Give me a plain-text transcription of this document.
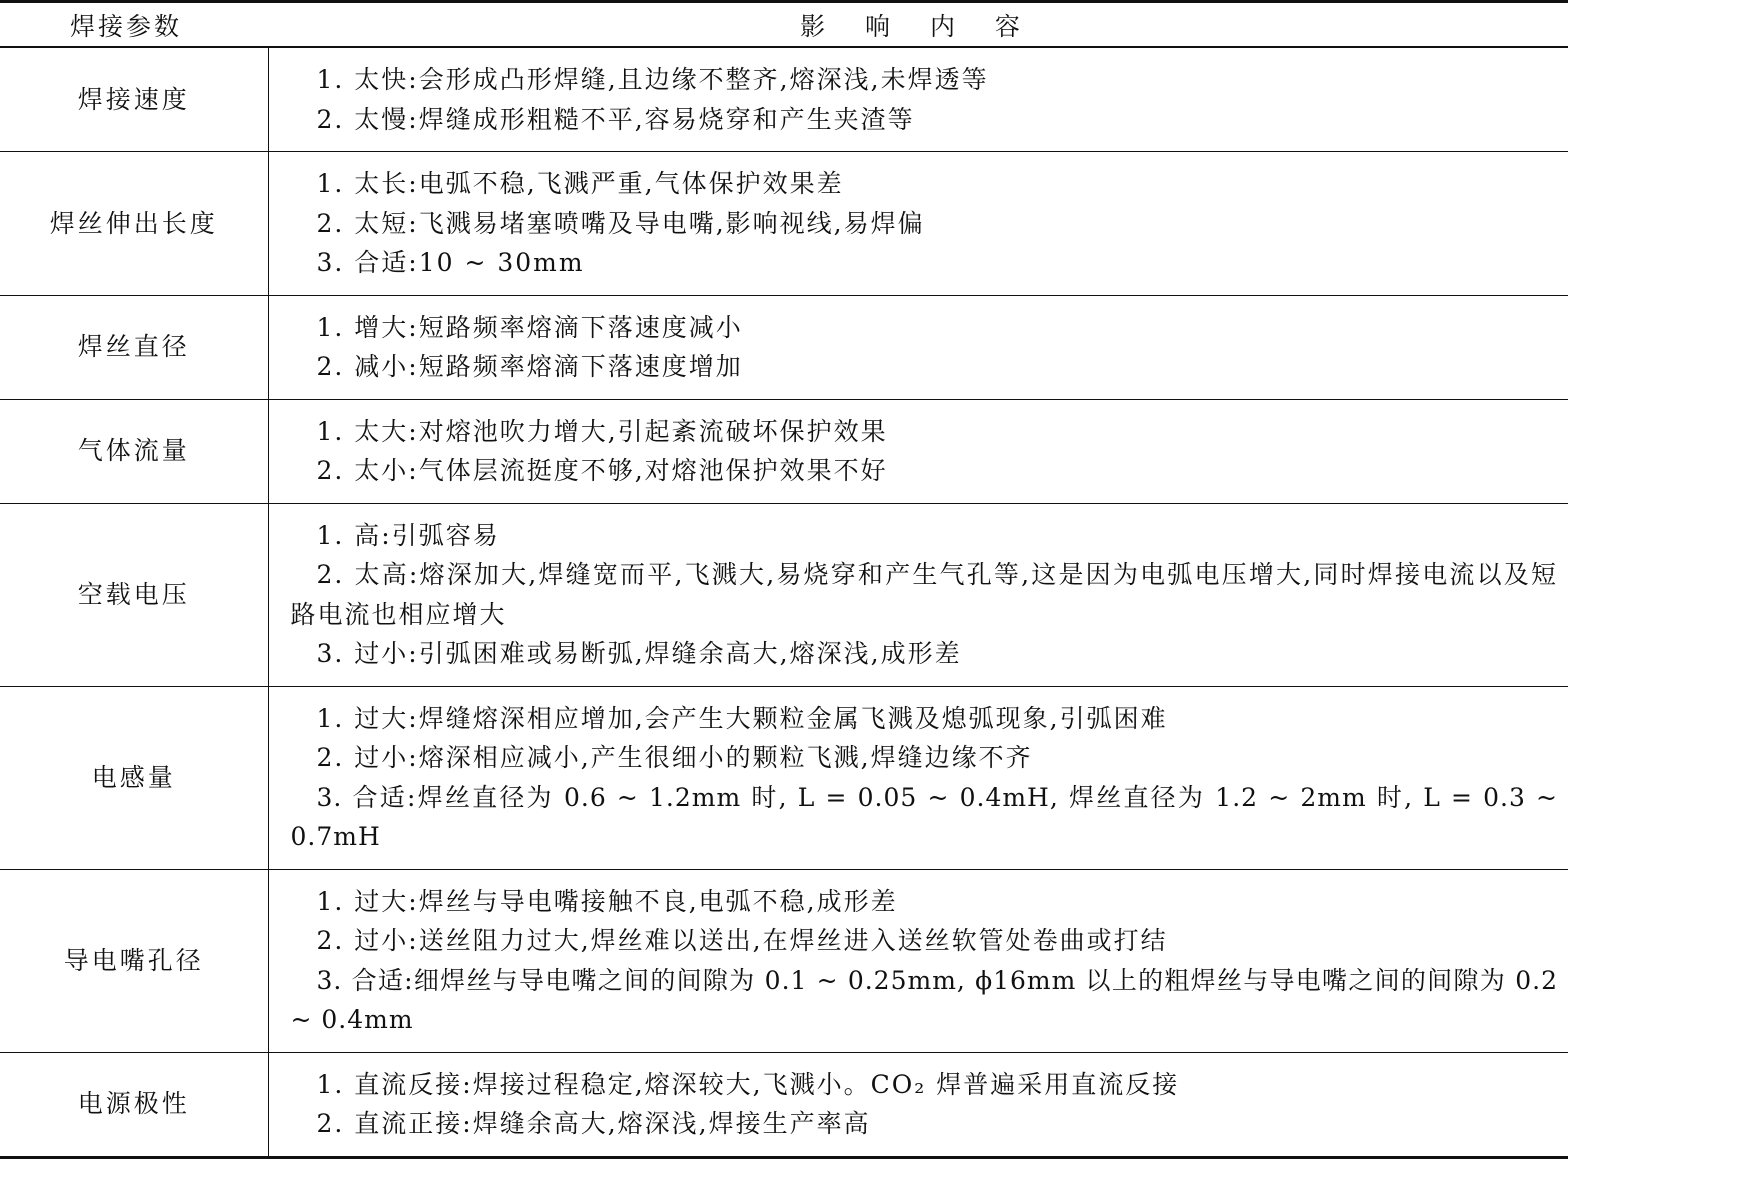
焊接参数	影 响 内 容
焊接速度	1. 太快:会形成凸形焊缝,且边缘不整齐,熔深浅,未焊透等
2. 太慢:焊缝成形粗糙不平,容易烧穿和产生夹渣等

焊丝伸出长度	1. 太长:电弧不稳,飞溅严重,气体保护效果差
2. 太短:飞溅易堵塞喷嘴及导电嘴,影响视线,易焊偏
3. 合适:10 ~ 30mm

焊丝直径	1. 增大:短路频率熔滴下落速度减小
2. 减小:短路频率熔滴下落速度增加

气体流量	1. 太大:对熔池吹力增大,引起紊流破坏保护效果
2. 太小:气体层流挺度不够,对熔池保护效果不好

空载电压	1. 高:引弧容易
2. 太高:熔深加大,焊缝宽而平,飞溅大,易烧穿和产生气孔等,这是因为电弧电压增大,同时焊接电流以及短路电流也相应增大
3. 过小:引弧困难或易断弧,焊缝余高大,熔深浅,成形差

电感量	1. 过大:焊缝熔深相应增加,会产生大颗粒金属飞溅及熄弧现象,引弧困难
2. 过小:熔深相应减小,产生很细小的颗粒飞溅,焊缝边缘不齐
3. 合适:焊丝直径为 0.6 ~ 1.2mm 时, L = 0.05 ~ 0.4mH, 焊丝直径为 1.2 ~ 2mm 时, L = 0.3 ~ 0.7mH

导电嘴孔径	1. 过大:焊丝与导电嘴接触不良,电弧不稳,成形差
2. 过小:送丝阻力过大,焊丝难以送出,在焊丝进入送丝软管处卷曲或打结
3. 合适:细焊丝与导电嘴之间的间隙为 0.1 ~ 0.25mm, ϕ16mm 以上的粗焊丝与导电嘴之间的间隙为 0.2 ~ 0.4mm

电源极性	1. 直流反接:焊接过程稳定,熔深较大,飞溅小。CO₂ 焊普遍采用直流反接
2. 直流正接:焊缝余高大,熔深浅,焊接生产率高
